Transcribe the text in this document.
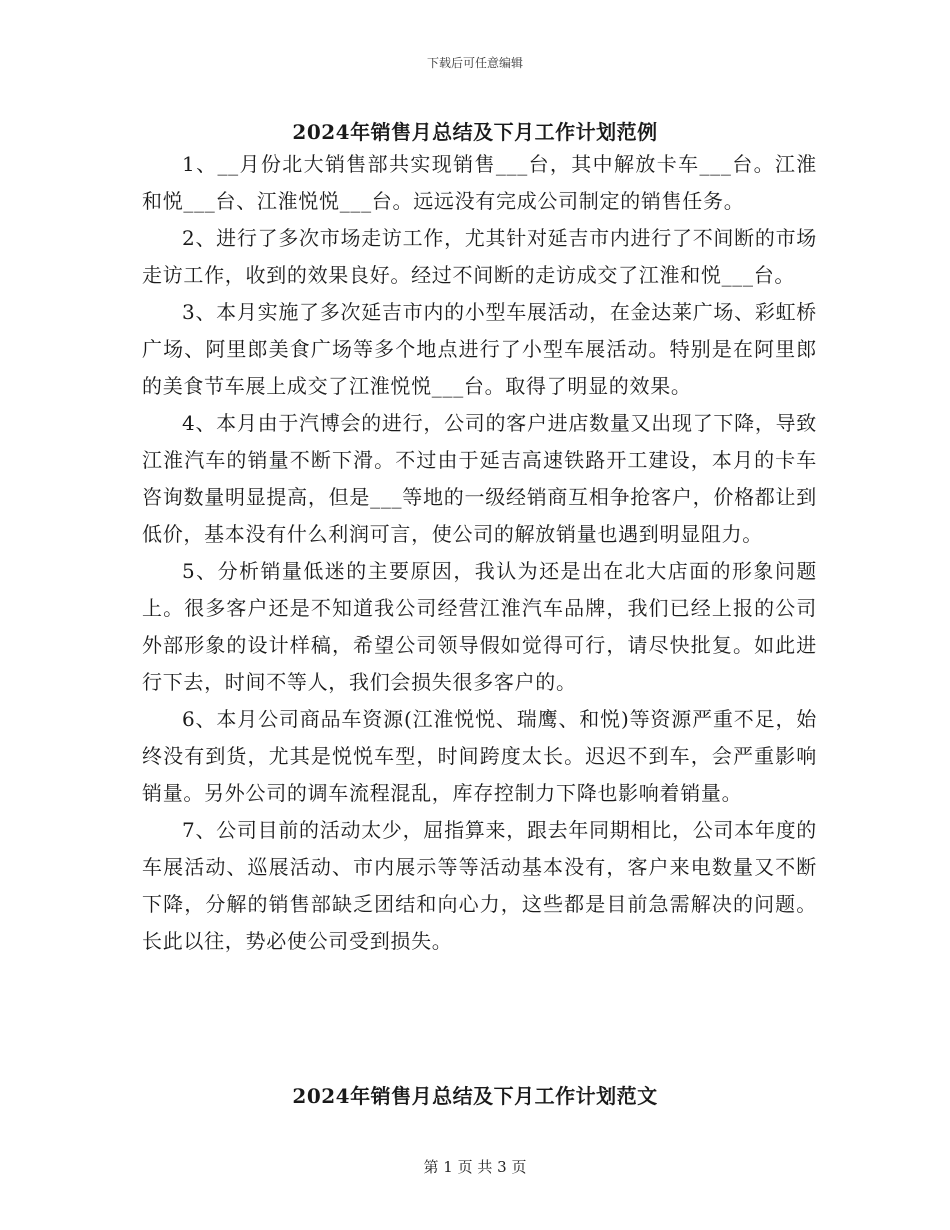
下载后可任意编辑
2024年销售月总结及下月工作计划范例

1、__月份北大销售部共实现销售___台，其中解放卡车___台。江淮和悦___台、江淮悦悦___台。远远没有完成公司制定的销售任务。

2、进行了多次市场走访工作，尤其针对延吉市内进行了不间断的市场走访工作，收到的效果良好。经过不间断的走访成交了江淮和悦___台。

3、本月实施了多次延吉市内的小型车展活动，在金达莱广场、彩虹桥广场、阿里郎美食广场等多个地点进行了小型车展活动。特别是在阿里郎的美食节车展上成交了江淮悦悦___台。取得了明显的效果。

4、本月由于汽博会的进行，公司的客户进店数量又出现了下降，导致江淮汽车的销量不断下滑。不过由于延吉高速铁路开工建设，本月的卡车咨询数量明显提高，但是___等地的一级经销商互相争抢客户，价格都让到低价，基本没有什么利润可言，使公司的解放销量也遇到明显阻力。

5、分析销量低迷的主要原因，我认为还是出在北大店面的形象问题上。很多客户还是不知道我公司经营江淮汽车品牌，我们已经上报的公司外部形象的设计样稿，希望公司领导假如觉得可行，请尽快批复。如此进行下去，时间不等人，我们会损失很多客户的。

6、本月公司商品车资源(江淮悦悦、瑞鹰、和悦)等资源严重不足，始终没有到货，尤其是悦悦车型，时间跨度太长。迟迟不到车，会严重影响销量。另外公司的调车流程混乱，库存控制力下降也影响着销量。

7、公司目前的活动太少，屈指算来，跟去年同期相比，公司本年度的车展活动、巡展活动、市内展示等等活动基本没有，客户来电数量又不断下降，分解的销售部缺乏团结和向心力，这些都是目前急需解决的问题。长此以往，势必使公司受到损失。

2024年销售月总结及下月工作计划范文
第 1 页 共 3 页
